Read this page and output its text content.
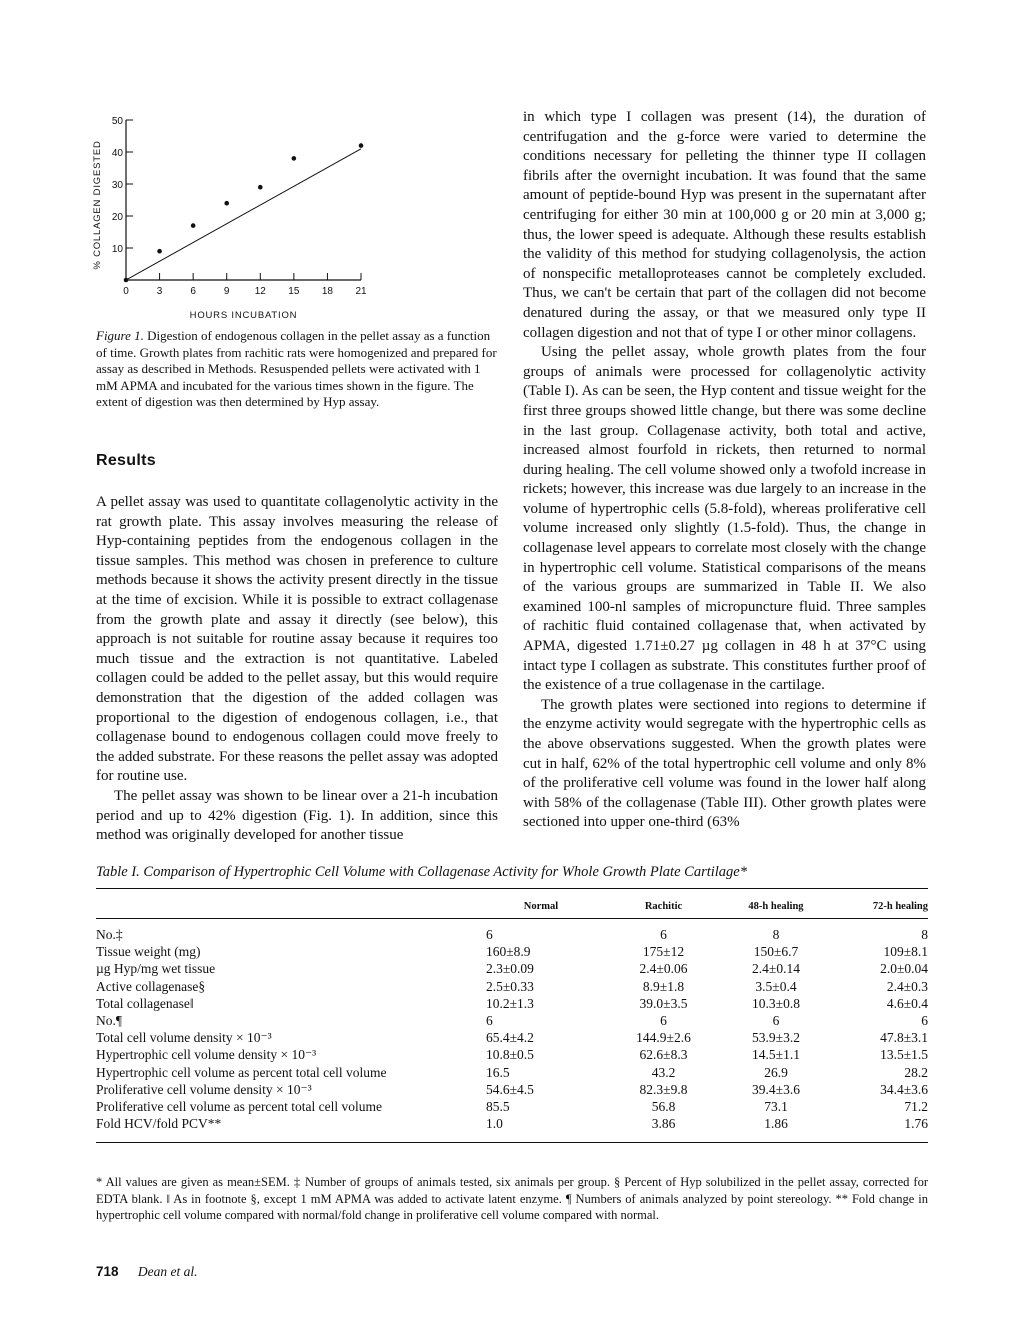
10
20
30
40
50
0	3	6	9	12 15 18 21
HOURS INCUBATION
% COLLAGEN DIGESTED

Figure 1. Digestion of endogenous collagen in the pellet assay as a function of time. Growth plates from rachitic rats were homogenized and prepared for assay as described in Methods. Resuspended pellets were activated with 1 mM APMA and incubated for the various times shown in the figure. The extent of digestion was then determined by Hyp assay.

Results

A pellet assay was used to quantitate collagenolytic activity in the rat growth plate. This assay involves measuring the release of Hyp-containing peptides from the endogenous collagen in the tissue samples. This method was chosen in preference to culture methods because it shows the activity present directly in the tissue at the time of excision. While it is possible to extract collagenase from the growth plate and assay it directly (see below), this approach is not suitable for routine assay because it requires too much tissue and the extraction is not quantitative. Labeled collagen could be added to the pellet assay, but this would require demonstration that the digestion of the added collagen was proportional to the digestion of endogenous collagen, i.e., that collagenase bound to endogenous collagen could move freely to the added substrate. For these reasons the pellet assay was adopted for routine use.

The pellet assay was shown to be linear over a 21-h incubation period and up to 42% digestion (Fig. 1). In addition, since this method was originally developed for another tissue

in which type I collagen was present (14), the duration of centrifugation and the g-force were varied to determine the conditions necessary for pelleting the thinner type II collagen fibrils after the overnight incubation. It was found that the same amount of peptide-bound Hyp was present in the supernatant after centrifuging for either 30 min at 100,000 g or 20 min at 3,000 g; thus, the lower speed is adequate. Although these results establish the validity of this method for studying collagenolysis, the action of nonspecific metalloproteases cannot be completely excluded. Thus, we can't be certain that part of the collagen did not become denatured during the assay, or that we measured only type II collagen digestion and not that of type I or other minor collagens.

Using the pellet assay, whole growth plates from the four groups of animals were processed for collagenolytic activity (Table I). As can be seen, the Hyp content and tissue weight for the first three groups showed little change, but there was some decline in the last group. Collagenase activity, both total and active, increased almost fourfold in rickets, then returned to normal during healing. The cell volume showed only a twofold increase in rickets; however, this increase was due largely to an increase in the volume of hypertrophic cells (5.8-fold), whereas proliferative cell volume increased only slightly (1.5-fold). Thus, the change in collagenase level appears to correlate most closely with the change in hypertrophic cell volume. Statistical comparisons of the means of the various groups are summarized in Table II. We also examined 100-nl samples of micropuncture fluid. Three samples of rachitic fluid contained collagenase that, when activated by APMA, digested 1.71±0.27 µg collagen in 48 h at 37°C using intact type I collagen as substrate. This constitutes further proof of the existence of a true collagenase in the cartilage.

The growth plates were sectioned into regions to determine if the enzyme activity would segregate with the hypertrophic cells as the above observations suggested. When the growth plates were cut in half, 62% of the total hypertrophic cell volume and only 8% of the proliferative cell volume was found in the lower half along with 58% of the collagenase (Table III). Other growth plates were sectioned into upper one-third (63%

Table I. Comparison of Hypertrophic Cell Volume with Collagenase Activity for Whole Growth Plate Cartilage*

	Normal	Rachitic	48-h healing	72-h healing
No.‡	6	6	8	8
Tissue weight (mg)	160±8.9	175±12	150±6.7	109±8.1
µg Hyp/mg wet tissue	2.3±0.09	2.4±0.06	2.4±0.14	2.0±0.04
Active collagenase§	2.5±0.33	8.9±1.8	3.5±0.4	2.4±0.3
Total collagenase‖	10.2±1.3	39.0±3.5	10.3±0.8	4.6±0.4
No.¶	6	6	6	6
Total cell volume density × 10⁻³	65.4±4.2	144.9±2.6	53.9±3.2	47.8±3.1
Hypertrophic cell volume density × 10⁻³	10.8±0.5	62.6±8.3	14.5±1.1	13.5±1.5
Hypertrophic cell volume as percent total cell volume	16.5	43.2	26.9	28.2
Proliferative cell volume density × 10⁻³	54.6±4.5	82.3±9.8	39.4±3.6	34.4±3.6
Proliferative cell volume as percent total cell volume	85.5	56.8	73.1	71.2
Fold HCV/fold PCV**	1.0	3.86	1.86	1.76

* All values are given as mean±SEM. ‡ Number of groups of animals tested, six animals per group. § Percent of Hyp solubilized in the pellet assay, corrected for EDTA blank. ‖ As in footnote §, except 1 mM APMA was added to activate latent enzyme. ¶ Numbers of animals analyzed by point stereology. ** Fold change in hypertrophic cell volume compared with normal/fold change in proliferative cell volume compared with normal.

718 Dean et al.
